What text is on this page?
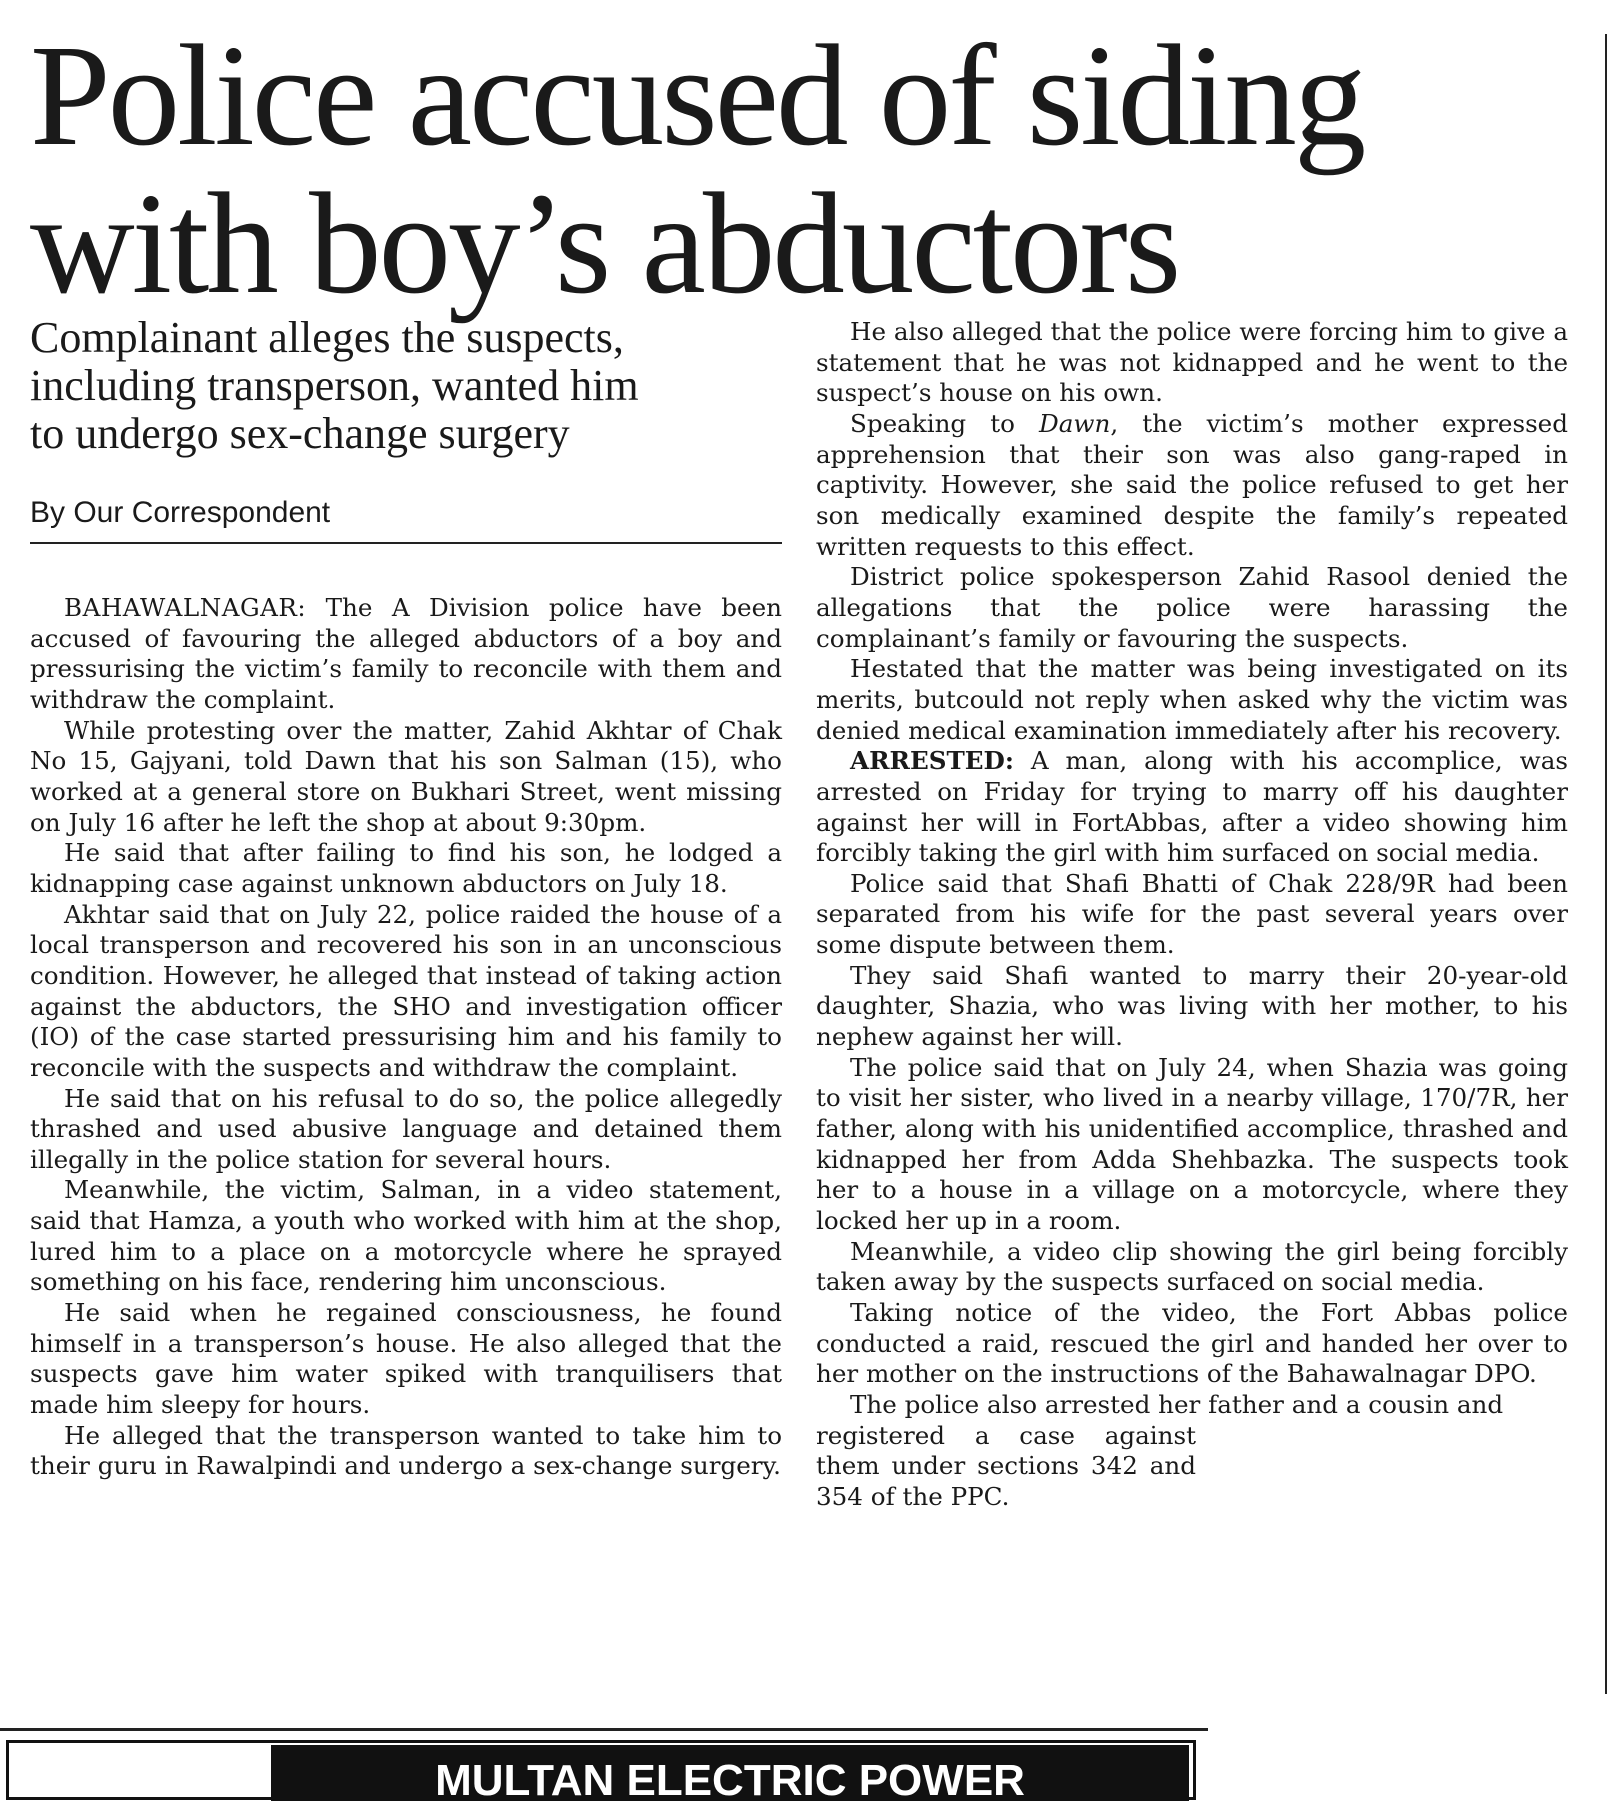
Police accused of siding
with boy’s abductors
Complainant alleges the suspects,
including transperson, wanted him
to undergo sex-change surgery
By Our Correspondent

BAHAWALNAGAR: The A Division police have been accused of favouring the alleged abductors of a boy and pressurising the victim’s family to reconcile with them and withdraw the complaint.

While protesting over the matter, Zahid Akhtar of Chak No 15, Gajyani, told Dawn that his son Salman (15), who worked at a general store on Bukhari Street, went missing on July 16 after he left the shop at about 9:30pm.

He said that after failing to find his son, he lodged a kidnapping case against unknown abductors on July 18.

Akhtar said that on July 22, police raided the house of a local transperson and recovered his son in an unconscious condition. However, he alleged that instead of taking action against the abductors, the SHO and investigation officer (IO) of the case started pressurising him and his family to reconcile with the suspects and withdraw the complaint.

He said that on his refusal to do so, the police allegedly thrashed and used abusive language and detained them illegally in the police station for several hours.

Meanwhile, the victim, Salman, in a video statement, said that Hamza, a youth who worked with him at the shop, lured him to a place on a motorcycle where he sprayed something on his face, rendering him unconscious.

He said when he regained consciousness, he found himself in a transperson’s house. He also alleged that the suspects gave him water spiked with tranquilisers that made him sleepy for hours.

He alleged that the transperson wanted to take him to their guru in Rawalpindi and undergo a sex-change surgery.

He also alleged that the police were forcing him to give a statement that he was not kidnapped and he went to the suspect’s house on his own.

Speaking to Dawn, the victim’s mother expressed apprehension that their son was also gang-raped in captivity. However, she said the police refused to get her son medically examined despite the family’s repeated written requests to this effect.

District police spokesperson Zahid Rasool denied the allegations that the police were harassing the complainant’s family or favouring the suspects.

Hestated that the matter was being investigated on its merits, butcould not reply when asked why the victim was denied medical examination immediately after his recovery.

ARRESTED: A man, along with his accomplice, was arrested on Friday for trying to marry off his daughter against her will in FortAbbas, after a video showing him forcibly taking the girl with him surfaced on social media.

Police said that Shafi Bhatti of Chak 228/9R had been separated from his wife for the past several years over some dispute between them.

They said Shafi wanted to marry their 20-year-old daughter, Shazia, who was living with her mother, to his nephew against her will.

The police said that on July 24, when Shazia was going to visit her sister, who lived in a nearby village, 170/7R, her father, along with his unidentified accomplice, thrashed and kidnapped her from Adda Shehbazka. The suspects took her to a house in a village on a motorcycle, where they locked her up in a room.

Meanwhile, a video clip showing the girl being forcibly taken away by the suspects surfaced on social media.

Taking notice of the video, the Fort Abbas police conducted a raid, rescued the girl and handed her over to her mother on the instructions of the Bahawalnagar DPO.

The police also arrested her father and a cousin and

registered a case against them under sections 342 and 354 of the PPC.

MULTAN ELECTRIC POWER
